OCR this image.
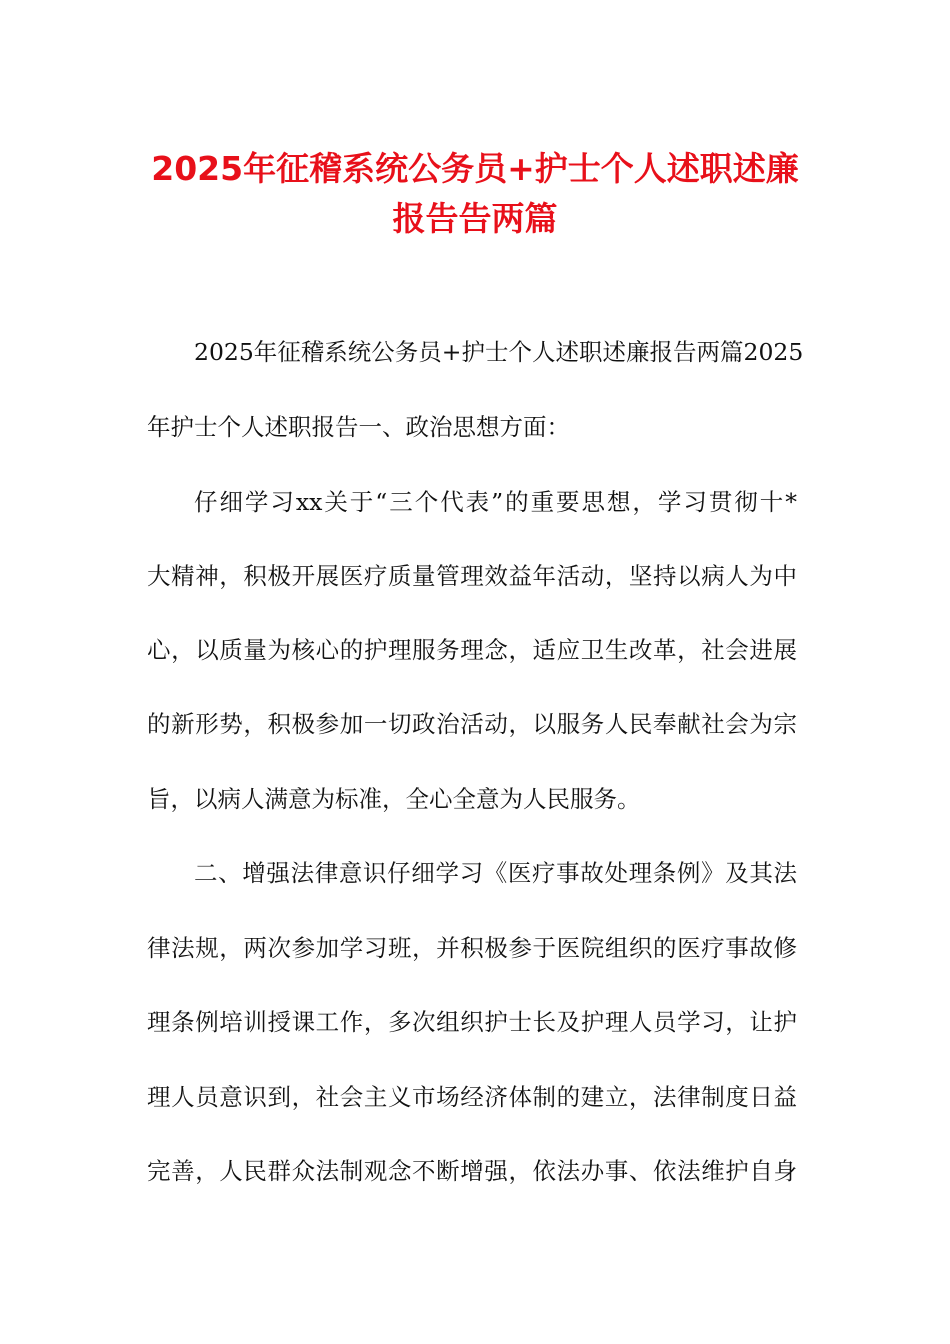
2025年征稽系统公务员+护士个人述职述廉
报告告两篇
2025年征稽系统公务员+护士个人述职述廉报告两篇2025
年护士个人述职报告一、政治思想方面：
仔细学习xx关于“三个代表”的重要思想，学习贯彻十*
大精神，积极开展医疗质量管理效益年活动，坚持以病人为中
心，以质量为核心的护理服务理念，适应卫生改革，社会进展
的新形势，积极参加一切政治活动，以服务人民奉献社会为宗
旨，以病人满意为标准，全心全意为人民服务。
二、增强法律意识仔细学习《医疗事故处理条例》及其法
律法规，两次参加学习班，并积极参于医院组织的医疗事故修
理条例培训授课工作，多次组织护士长及护理人员学习，让护
理人员意识到，社会主义市场经济体制的建立，法律制度日益
完善，人民群众法制观念不断增强，依法办事、依法维护自身
